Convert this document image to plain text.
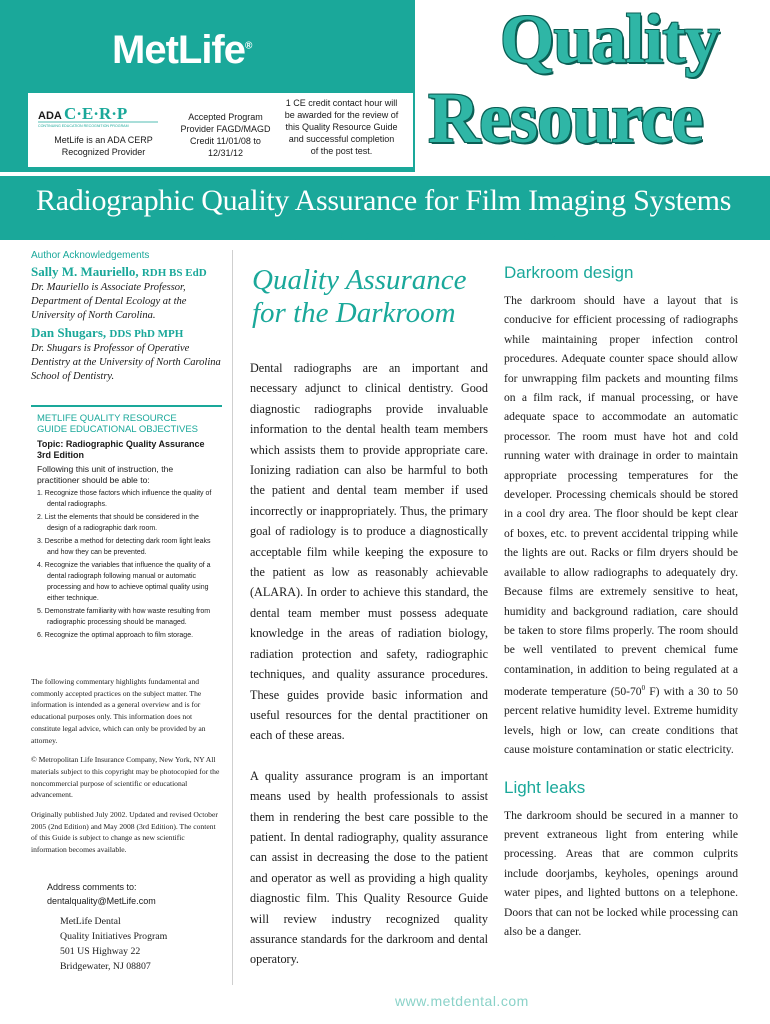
MetLife®
ADA C·E·R·P
CONTINUING EDUCATION RECOGNITION PROGRAM
MetLife is an ADA CERP Recognized Provider
Accepted Program Provider FAGD/MAGD Credit 11/01/08 to 12/31/12
1 CE credit contact hour will be awarded for the review of this Quality Resource Guide and successful completion of the post test.
Quality
Resource
Radiographic Quality Assurance for Film Imaging Systems
THIRD EDITION
Author Acknowledgements
Sally M. Mauriello, RDH BS EdD
Dr. Mauriello is Associate Professor, Department of Dental Ecology at the University of North Carolina.
Dan Shugars, DDS PhD MPH
Dr. Shugars is Professor of Operative Dentistry at the University of North Carolina School of Dentistry.
METLIFE QUALITY RESOURCE
GUIDE EDUCATIONAL OBJECTIVES
Topic: Radiographic Quality Assurance 3rd Edition
Following this unit of instruction, the practitioner should be able to:
1. Recognize those factors which influence the quality of dental radiographs.
2. List the elements that should be considered in the design of a radiographic dark room.
3. Describe a method for detecting dark room light leaks and how they can be prevented.
4. Recognize the variables that influence the quality of a dental radiograph following manual or automatic processing and how to achieve optimal quality using either technique.
5. Demonstrate familiarity with how waste resulting from radiographic processing should be managed.
6. Recognize the optimal approach to film storage.

The following commentary highlights fundamental and commonly accepted practices on the subject matter. The information is intended as a general overview and is for educational purposes only. This information does not constitute legal advice, which can only be provided by an attorney.

© Metropolitan Life Insurance Company, New York, NY All materials subject to this copyright may be photocopied for the noncommercial purpose of scientific or educational advancement.

Originally published July 2002. Updated and revised October 2005 (2nd Edition) and May 2008 (3rd Edition). The content of this Guide is subject to change as new scientific information becomes available.

Address comments to:
dentalquality@MetLife.com
MetLife Dental
Quality Initiatives Program
501 US Highway 22
Bridgewater, NJ 08807
Quality Assurance
for the Darkroom

Dental radiographs are an important and necessary adjunct to clinical dentistry. Good diagnostic radiographs provide invaluable information to the dental health team members which assists them to provide appropriate care. Ionizing radiation can also be harmful to both the patient and dental team member if used incorrectly or inappropriately. Thus, the primary goal of radiology is to produce a diagnostically acceptable film while keeping the exposure to the patient as low as reasonably achievable (ALARA). In order to achieve this standard, the dental team member must possess adequate knowledge in the areas of radiation biology, radiation protection and safety, radiographic techniques, and quality assurance procedures. These guides provide basic information and useful resources for the dental practitioner on each of these areas.

A quality assurance program is an important means used by health professionals to assist them in rendering the best care possible to the patient. In dental radiography, quality assurance can assist in decreasing the dose to the patient and operator as well as providing a high quality diagnostic film. This Quality Resource Guide will review industry recognized quality assurance standards for the darkroom and dental operatory.

Darkroom design
The darkroom should have a layout that is conducive for efficient processing of radiographs while maintaining proper infection control procedures. Adequate counter space should allow for unwrapping film packets and mounting films on a film rack, if manual processing, or have adequate space to accommodate an automatic processor. The room must have hot and cold running water with drainage in order to maintain appropriate processing temperatures for the developer. Processing chemicals should be stored in a cool dry area. The floor should be kept clear of boxes, etc. to prevent accidental tripping while the lights are out. Racks or film dryers should be available to allow radiographs to adequately dry. Because films are extremely sensitive to heat, humidity and background radiation, care should be taken to store films properly. The room should be well ventilated to prevent chemical fume contamination, in addition to being regulated at a moderate temperature ($50-70^0$ F) with a 30 to 50 percent relative humidity level. Extreme humidity levels, high or low, can create conditions that cause moisture contamination or static electricity.
Light leaks
The darkroom should be secured in a manner to prevent extraneous light from entering while processing. Areas that are common culprits include doorjambs, keyholes, openings around water pipes, and lighted buttons on a telephone. Doors that can not be locked while processing can also be a danger.
www.metdental.com
